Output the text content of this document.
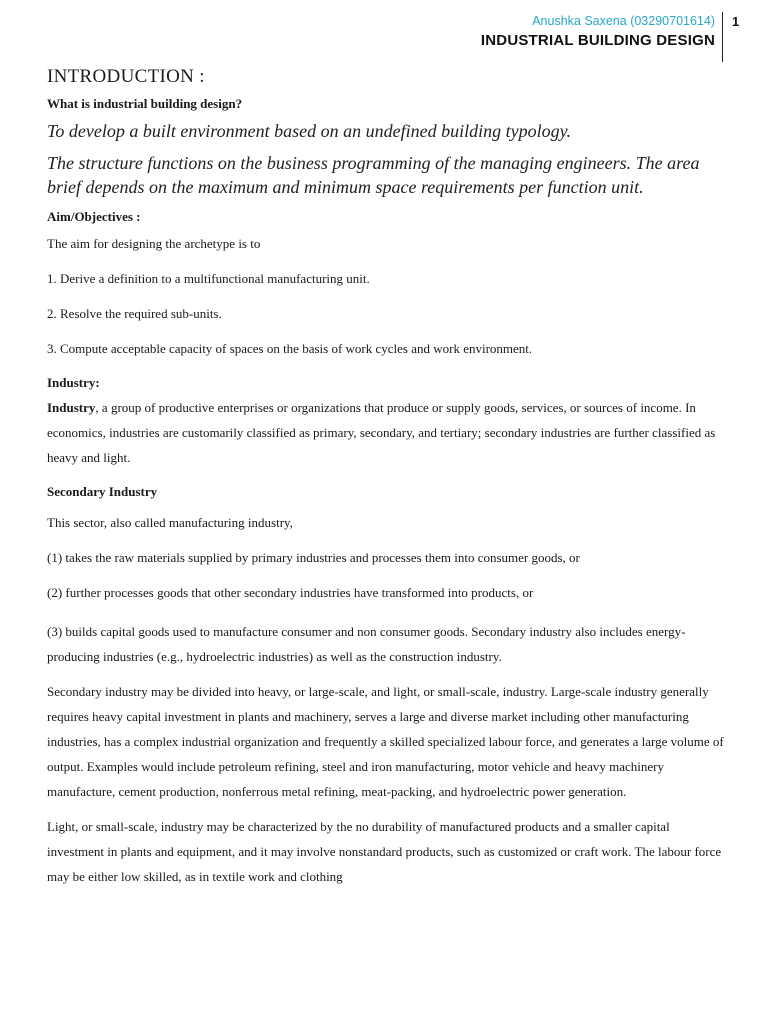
Anushka Saxena (03290701614)
INDUSTRIAL BUILDING DESIGN
1
INTRODUCTION :
What is industrial building design?
To develop a built environment based on an undefined building typology.
The structure functions on the business programming of the managing engineers. The area brief depends on the maximum and minimum space requirements per function unit.
Aim/Objectives :

The aim for designing the archetype is to

1. Derive a definition to a multifunctional manufacturing unit.

2. Resolve the required sub-units.

3. Compute acceptable capacity of spaces on the basis of work cycles and work environment.

Industry:

Industry, a group of productive enterprises or organizations that produce or supply goods, services, or sources of income. In economics, industries are customarily classified as primary, secondary, and tertiary; secondary industries are further classified as heavy and light.

Secondary Industry

This sector, also called manufacturing industry,

(1) takes the raw materials supplied by primary industries and processes them into consumer goods, or

(2) further processes goods that other secondary industries have transformed into products, or

(3) builds capital goods used to manufacture consumer and non consumer goods. Secondary industry also includes energy-producing industries (e.g., hydroelectric industries) as well as the construction industry.

Secondary industry may be divided into heavy, or large-scale, and light, or small-scale, industry. Large-scale industry generally requires heavy capital investment in plants and machinery, serves a large and diverse market including other manufacturing industries, has a complex industrial organization and frequently a skilled specialized labour force, and generates a large volume of output. Examples would include petroleum refining, steel and iron manufacturing, motor vehicle and heavy machinery manufacture, cement production, nonferrous metal refining, meat-packing, and hydroelectric power generation.

Light, or small-scale, industry may be characterized by the no durability of manufactured products and a smaller capital investment in plants and equipment, and it may involve nonstandard products, such as customized or craft work. The labour force may be either low skilled, as in textile work and clothing
